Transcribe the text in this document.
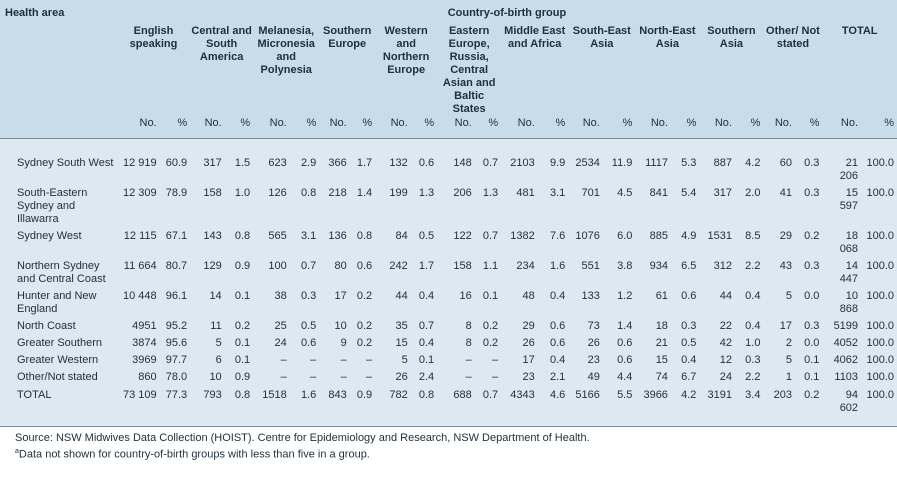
Health area	Country-of-birth group																							
	English speaking		Central and South America		Melanesia, Micronesia and Polynesia		Southern Europe		Western and Northern Europe		Eastern Europe, Russia, Central Asian and Baltic States		Middle East and Africa		South-East Asia		North-East Asia		Southern Asia		Other/ Not stated		TOTAL	
	No.	%	No.	%	No.	%	No.	%	No.	%	No.	%	No.	%	No.	%	No.	%	No.	%	No.	%	No.	%

Sydney South West	12 919	60.9	317	1.5	623	2.9	366	1.7	132	0.6	148	0.7	2103	9.9	2534	11.9	1117	5.3	887	4.2	60	0.3	21 206	100.0
South-Eastern Sydney and Illawarra	12 309	78.9	158	1.0	126	0.8	218	1.4	199	1.3	206	1.3	481	3.1	701	4.5	841	5.4	317	2.0	41	0.3	15 597	100.0
Sydney West	12 115	67.1	143	0.8	565	3.1	136	0.8	84	0.5	122	0.7	1382	7.6	1076	6.0	885	4.9	1531	8.5	29	0.2	18 068	100.0
Northern Sydney and Central Coast	11 664	80.7	129	0.9	100	0.7	80	0.6	242	1.7	158	1.1	234	1.6	551	3.8	934	6.5	312	2.2	43	0.3	14 447	100.0
Hunter and New England	10 448	96.1	14	0.1	38	0.3	17	0.2	44	0.4	16	0.1	48	0.4	133	1.2	61	0.6	44	0.4	5	0.0	10 868	100.0
North Coast	4951	95.2	11	0.2	25	0.5	10	0.2	35	0.7	8	0.2	29	0.6	73	1.4	18	0.3	22	0.4	17	0.3	5199	100.0
Greater Southern	3874	95.6	5	0.1	24	0.6	9	0.2	15	0.4	8	0.2	26	0.6	26	0.6	21	0.5	42	1.0	2	0.0	4052	100.0
Greater Western	3969	97.7	6	0.1	–	–	–	–	5	0.1	–	–	17	0.4	23	0.6	15	0.4	12	0.3	5	0.1	4062	100.0
Other/Not stated	860	78.0	10	0.9	–	–	–	–	26	2.4	–	–	23	2.1	49	4.4	74	6.7	24	2.2	1	0.1	1103	100.0
TOTAL	73 109	77.3	793	0.8	1518	1.6	843	0.9	782	0.8	688	0.7	4343	4.6	5166	5.5	3966	4.2	3191	3.4	203	0.2	94 602	100.0

Source: NSW Midwives Data Collection (HOIST). Centre for Epidemiology and Research, NSW Department of Health.
$^a$Data not shown for country-of-birth groups with less than five in a group.
